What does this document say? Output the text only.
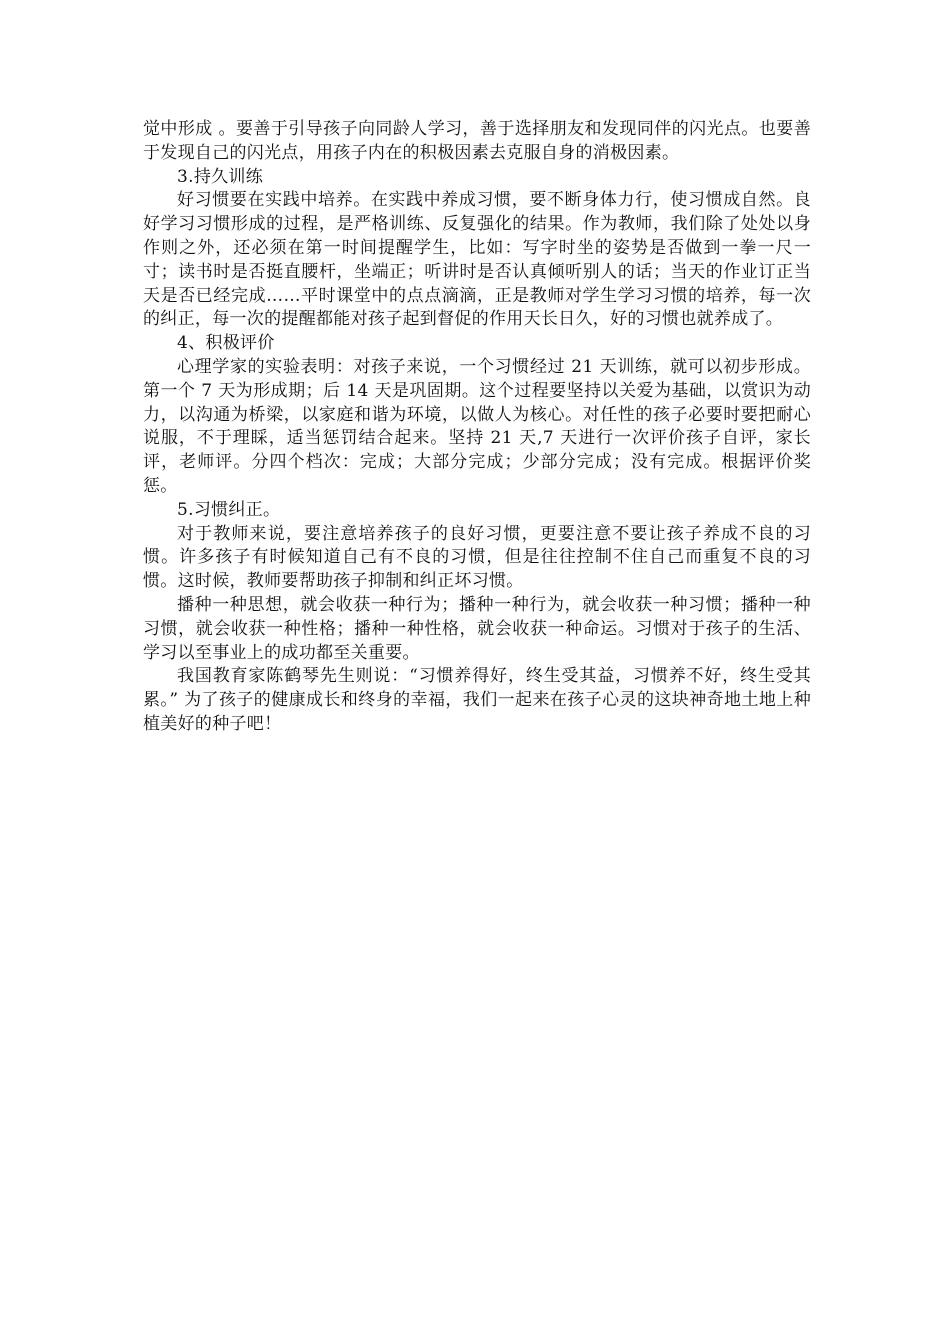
觉中形成 。要善于引导孩子向同龄人学习，善于选择朋友和发现同伴的闪光点。也要善于发现自己的闪光点，用孩子内在的积极因素去克服自身的消极因素。

3.持久训练

好习惯要在实践中培养。在实践中养成习惯，要不断身体力行，使习惯成自然。良好学习习惯形成的过程，是严格训练、反复强化的结果。作为教师，我们除了处处以身作则之外，还必须在第一时间提醒学生，比如：写字时坐的姿势是否做到一拳一尺一寸；读书时是否挺直腰杆，坐端正；听讲时是否认真倾听别人的话；当天的作业订正当天是否已经完成……平时课堂中的点点滴滴，正是教师对学生学习习惯的培养，每一次的纠正，每一次的提醒都能对孩子起到督促的作用天长日久，好的习惯也就养成了。

4、积极评价

心理学家的实验表明：对孩子来说，一个习惯经过 21 天训练，就可以初步形成。第一个 7 天为形成期；后 14 天是巩固期。这个过程要坚持以关爱为基础，以赏识为动力，以沟通为桥梁，以家庭和谐为环境，以做人为核心。对任性的孩子必要时要把耐心说服，不于理睬，适当惩罚结合起来。坚持 21 天,7 天进行一次评价孩子自评，家长评，老师评。分四个档次：完成；大部分完成；少部分完成；没有完成。根据评价奖惩。

5.习惯纠正。

对于教师来说，要注意培养孩子的良好习惯，更要注意不要让孩子养成不良的习惯。许多孩子有时候知道自己有不良的习惯，但是往往控制不住自己而重复不良的习惯。这时候，教师要帮助孩子抑制和纠正坏习惯。

播种一种思想，就会收获一种行为；播种一种行为，就会收获一种习惯；播种一种习惯，就会收获一种性格；播种一种性格，就会收获一种命运。习惯对于孩子的生活、学习以至事业上的成功都至关重要。

我国教育家陈鹤琴先生则说：“习惯养得好，终生受其益，习惯养不好，终生受其累。” 为了孩子的健康成长和终身的幸福，我们一起来在孩子心灵的这块神奇地土地上种植美好的种子吧！
